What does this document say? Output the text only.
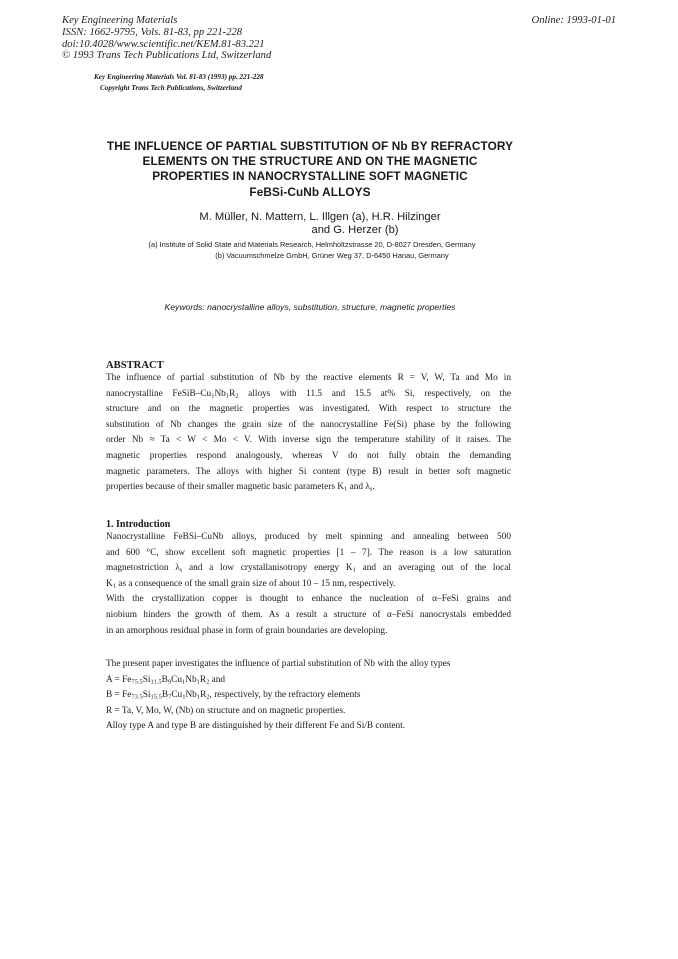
Key Engineering Materials
ISSN: 1662-9795, Vols. 81-83, pp 221-228
doi:10.4028/www.scientific.net/KEM.81-83.221
© 1993 Trans Tech Publications Ltd, Switzerland
Online: 1993-01-01
Key Engineering Materials Vol. 81-83 (1993) pp. 221-228
Copyright Trans Tech Publications, Switzerland
THE INFLUENCE OF PARTIAL SUBSTITUTION OF Nb BY REFRACTORY
ELEMENTS ON THE STRUCTURE AND ON THE MAGNETIC
PROPERTIES IN NANOCRYSTALLINE SOFT MAGNETIC
FeBSi-CuNb ALLOYS
M. Müller, N. Mattern, L. Illgen (a), H.R. Hilzinger
and G. Herzer (b)
(a) Institute of Solid State and Materials Research, Helmholtzstrasse 20, D-8027 Dresden, Germany
(b) Vacuumschmelze GmbH, Grüner Weg 37, D-6450 Hanau, Germany
Keywords: nanocrystalline alloys, substitution, structure, magnetic properties
ABSTRACT
The influence of partial substitution of Nb by the reactive elements R = V, W, Ta and Mo in
nanocrystalline FeSiB–$Cu_1Nb_1R_2$ alloys with 11.5 and 15.5 at% Si, respectively, on the
structure and on the magnetic properties was investigated. With respect to structure the
substitution of Nb changes the grain size of the nanocrystalline Fe(Si) phase by the following
order Nb ≈ Ta < W < Mo < V. With inverse sign the temperature stability of it raises. The
magnetic properties respond analogously, whereas V do not fully obtain the demanding
magnetic parameters. The alloys with higher Si content (type B) result in better soft magnetic
properties because of their smaller magnetic basic parameters $K_1$ and $\lambda_s$.
1. Introduction
Nanocrystalline FeBSi–CuNb alloys, produced by melt spinning and annealing between 500
and 600 °C, show excellent soft magnetic properties [1 – 7]. The reason is a low saturation
magnetostriction $\lambda_s$ and a low crystallanisotropy energy $K_1$ and an averaging out of the local
$K_1$ as a consequence of the small grain size of about 10 – 15 nm, respectively.
With the crystallization copper is thought to enhance the nucleation of α–FeSi grains and
niobium hinders the growth of them. As a result a structure of α–FeSi nanocrystals embedded
in an amorphous residual phase in form of grain boundaries are developing.
The present paper investigates the influence of partial substitution of Nb with the alloy types
$A = Fe_{75.5}Si_{11.5}B_9Cu_1Nb_1R_2$ and
$B = Fe_{73.5}Si_{15.5}B_7Cu_1Nb_1R_2$, respectively, by the refractory elements
R = Ta, V, Mo, W, (Nb) on structure and on magnetic properties.
Alloy type A and type B are distinguished by their different Fe and Si/B content.
